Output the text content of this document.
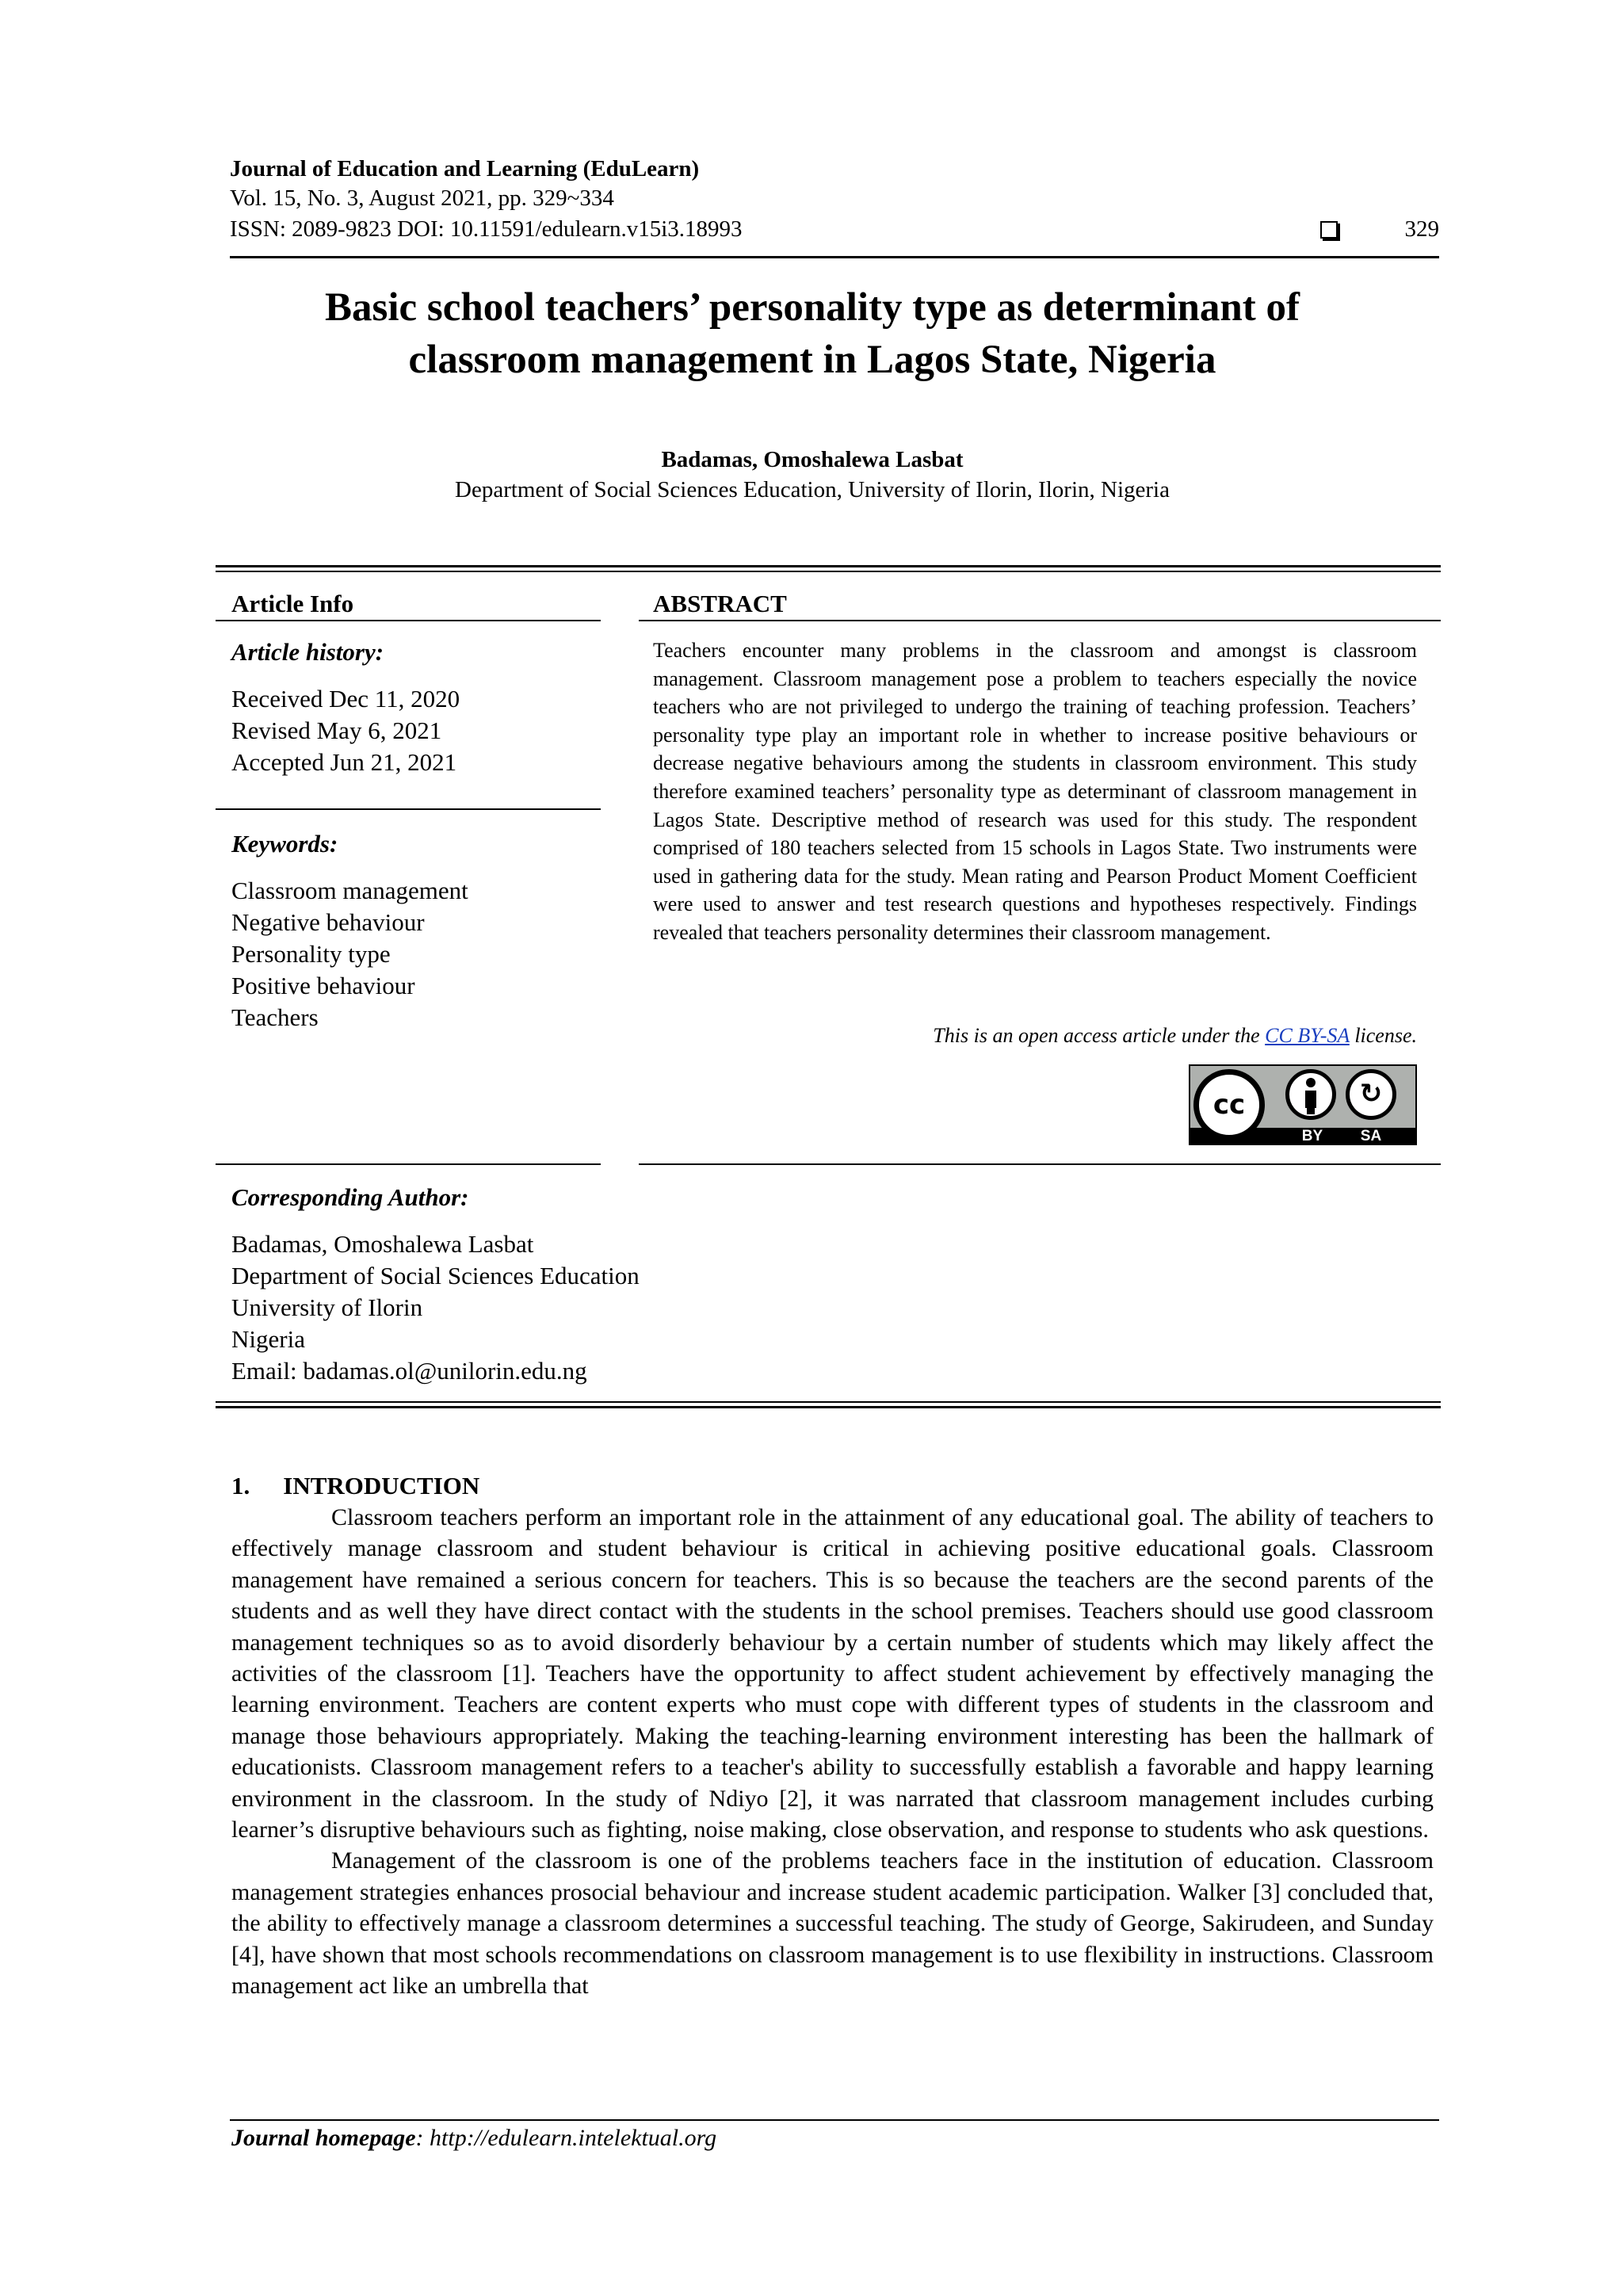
Journal of Education and Learning (EduLearn)
Vol. 15, No. 3, August 2021, pp. 329~334
ISSN: 2089-9823 DOI: 10.11591/edulearn.v15i3.18993	329
Basic school teachers’ personality type as determinant of
classroom management in Lagos State, Nigeria
Badamas, Omoshalewa Lasbat
Department of Social Sciences Education, University of Ilorin, Ilorin, Nigeria
Article Info
Article history:
Received Dec 11, 2020
Revised May 6, 2021
Accepted Jun 21, 2021
Keywords:
Classroom management
Negative behaviour
Personality type
Positive behaviour
Teachers
ABSTRACT
Teachers encounter many problems in the classroom and amongst is classroom management. Classroom management pose a problem to teachers especially the novice teachers who are not privileged to undergo the training of teaching profession. Teachers’ personality type play an important role in whether to increase positive behaviours or decrease negative behaviours among the students in classroom environment. This study therefore examined teachers’ personality type as determinant of classroom management in Lagos State. Descriptive method of research was used for this study. The respondent comprised of 180 teachers selected from 15 schools in Lagos State. Two instruments were used in gathering data for the study. Mean rating and Pearson Product Moment Coefficient were used to answer and test research questions and hypotheses respectively. Findings revealed that teachers personality determines their classroom management.
This is an open access article under the CC BY-SA license.
cc	↻
BY	SA
Corresponding Author:
Badamas, Omoshalewa Lasbat
Department of Social Sciences Education
University of Ilorin
Nigeria
Email: badamas.ol@unilorin.edu.ng
1. INTRODUCTION
Classroom teachers perform an important role in the attainment of any educational goal. The ability of teachers to effectively manage classroom and student behaviour is critical in achieving positive educational goals. Classroom management have remained a serious concern for teachers. This is so because the teachers are the second parents of the students and as well they have direct contact with the students in the school premises. Teachers should use good classroom management techniques so as to avoid disorderly behaviour by a certain number of students which may likely affect the activities of the classroom [1]. Teachers have the opportunity to affect student achievement by effectively managing the learning environment. Teachers are content experts who must cope with different types of students in the classroom and manage those behaviours appropriately. Making the teaching-learning environment interesting has been the hallmark of educationists. Classroom management refers to a teacher's ability to successfully establish a favorable and happy learning environment in the classroom. In the study of Ndiyo [2], it was narrated that classroom management includes curbing learner’s disruptive behaviours such as fighting, noise making, close observation, and response to students who ask questions.
Management of the classroom is one of the problems teachers face in the institution of education. Classroom management strategies enhances prosocial behaviour and increase student academic participation. Walker [3] concluded that, the ability to effectively manage a classroom determines a successful teaching. The study of George, Sakirudeen, and Sunday [4], have shown that most schools recommendations on classroom management is to use flexibility in instructions. Classroom management act like an umbrella that
Journal homepage: http://edulearn.intelektual.org
